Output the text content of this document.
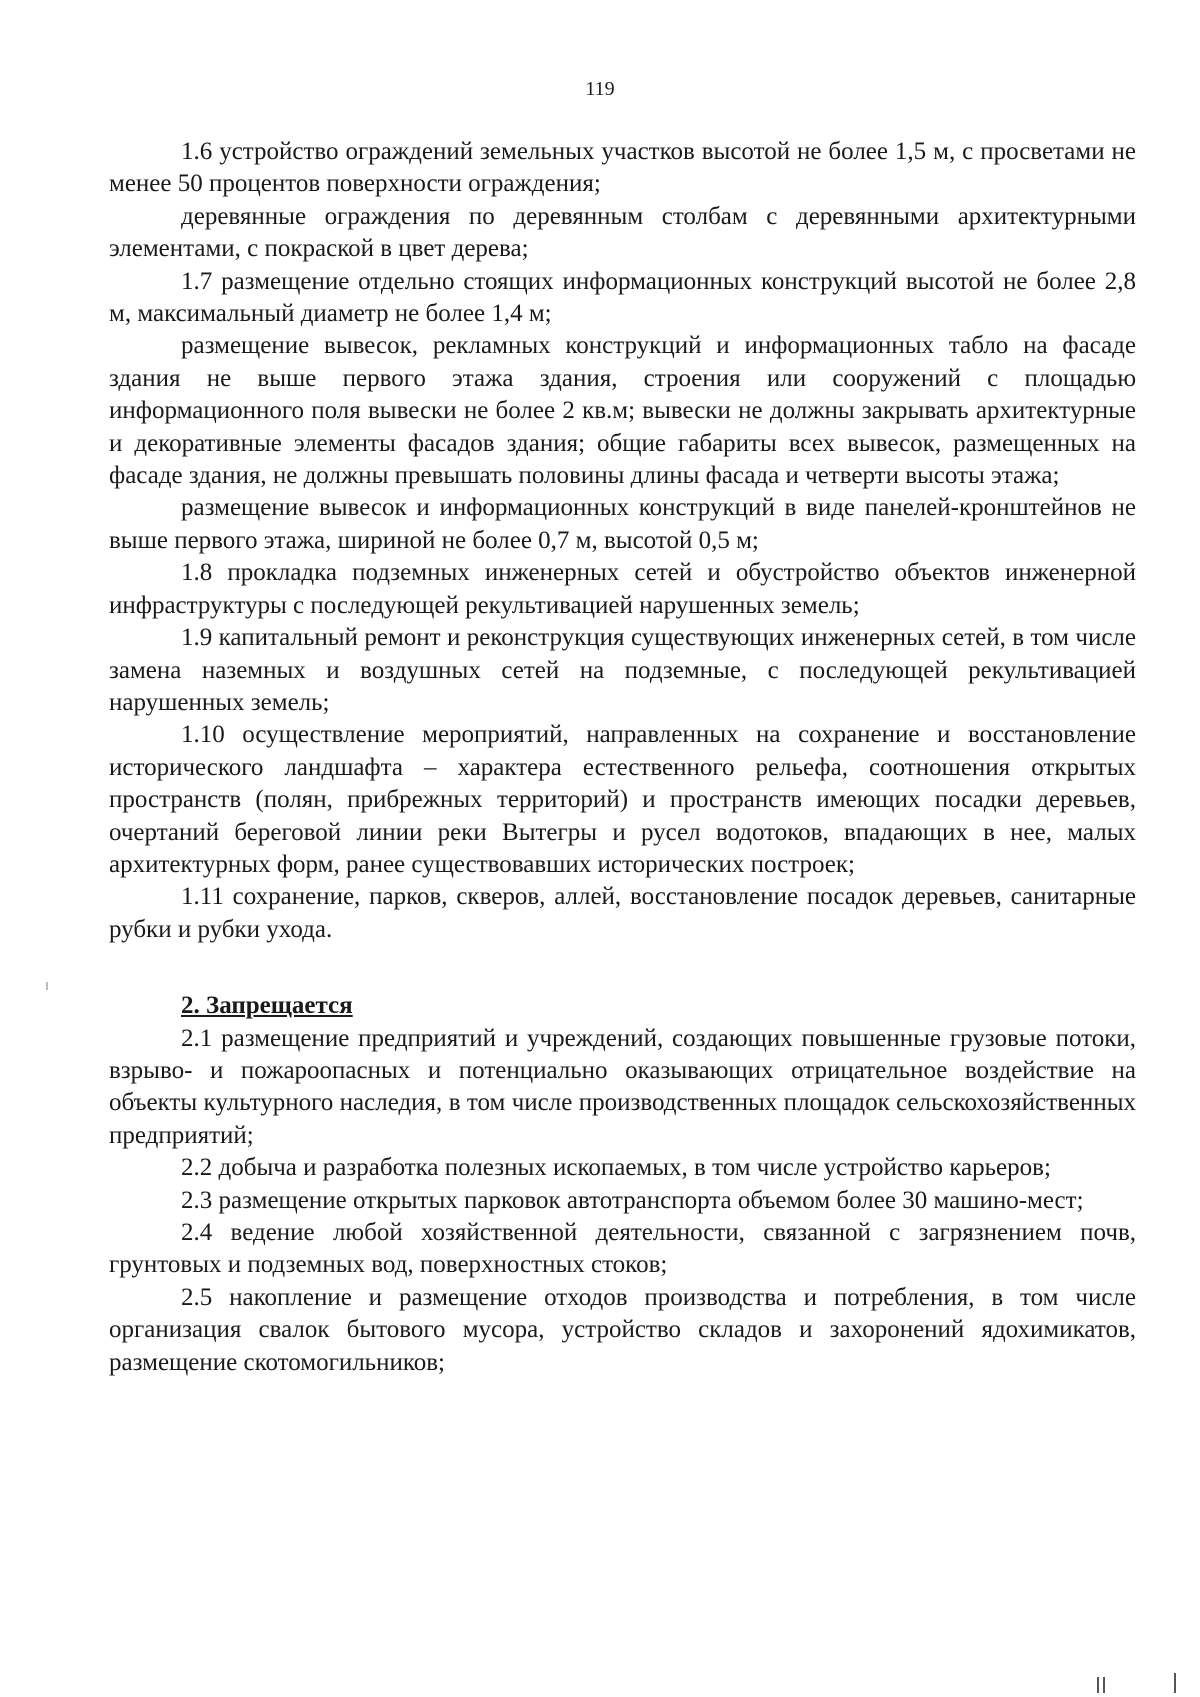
119

1.6 устройство ограждений земельных участков высотой не более 1,5 м, с просветами не менее 50 процентов поверхности ограждения;

деревянные ограждения по деревянным столбам с деревянными архитектурными элементами, с покраской в цвет дерева;

1.7 размещение отдельно стоящих информационных конструкций высотой не более 2,8 м, максимальный диаметр не более 1,4 м;

размещение вывесок, рекламных конструкций и информационных табло на фасаде здания не выше первого этажа здания, строения или сооружений с площадью информационного поля вывески не более 2 кв.м; вывески не должны закрывать архитектурные и декоративные элементы фасадов здания; общие габариты всех вывесок, размещенных на фасаде здания, не должны превышать половины длины фасада и четверти высоты этажа;

размещение вывесок и информационных конструкций в виде панелей-кронштейнов не выше первого этажа, шириной не более 0,7 м, высотой 0,5 м;

1.8 прокладка подземных инженерных сетей и обустройство объектов инженерной инфраструктуры с последующей рекультивацией нарушенных земель;

1.9 капитальный ремонт и реконструкция существующих инженерных сетей, в том числе замена наземных и воздушных сетей на подземные, с последующей рекультивацией нарушенных земель;

1.10 осуществление мероприятий, направленных на сохранение и восстановление исторического ландшафта – характера естественного рельефа, соотношения открытых пространств (полян, прибрежных территорий) и пространств имеющих посадки деревьев, очертаний береговой линии реки Вытегры и русел водотоков, впадающих в нее, малых архитектурных форм, ранее существовавших исторических построек;

1.11 сохранение, парков, скверов, аллей, восстановление посадок деревьев, санитарные рубки и рубки ухода.

2. Запрещается

2.1 размещение предприятий и учреждений, создающих повышенные грузовые потоки, взрыво- и пожароопасных и потенциально оказывающих отрицательное воздействие на объекты культурного наследия, в том числе производственных площадок сельскохозяйственных предприятий;

2.2 добыча и разработка полезных ископаемых, в том числе устройство карьеров;

2.3 размещение открытых парковок автотранспорта объемом более 30 машино-мест;

2.4 ведение любой хозяйственной деятельности, связанной с загрязнением почв, грунтовых и подземных вод, поверхностных стоков;

2.5 накопление и размещение отходов производства и потребления, в том числе организация свалок бытового мусора, устройство складов и захоронений ядохимикатов, размещение скотомогильников;
